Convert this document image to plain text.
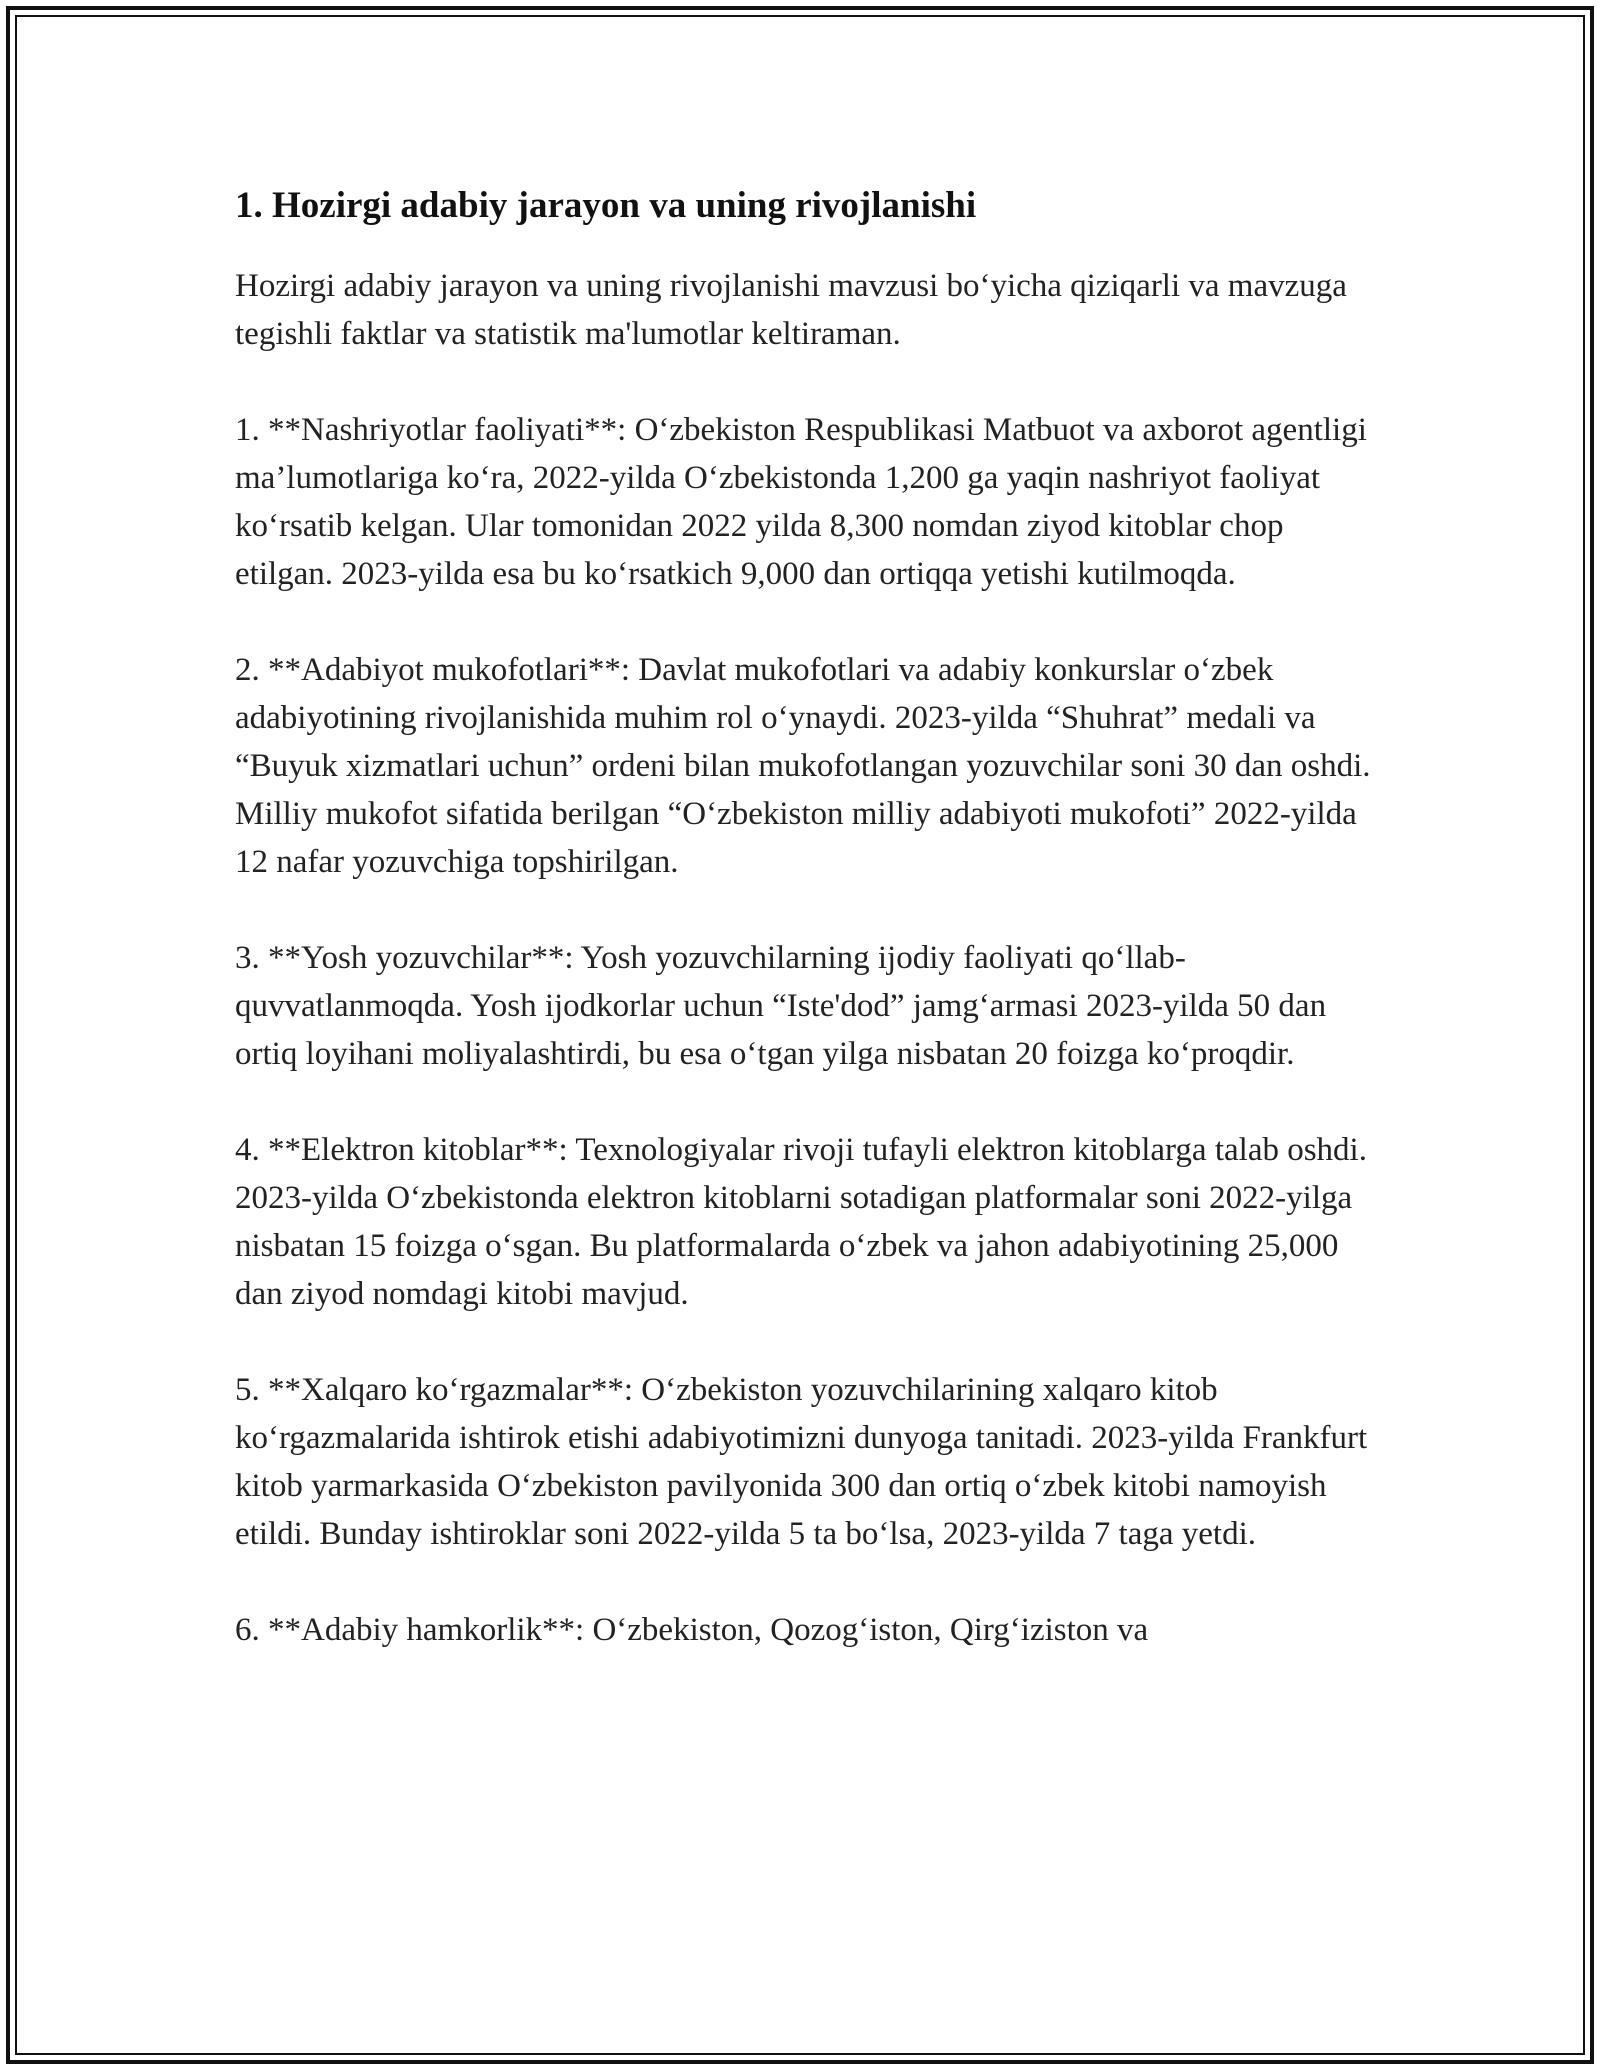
1. Hozirgi adabiy jarayon va uning rivojlanishi

Hozirgi adabiy jarayon va uning rivojlanishi mavzusi bo‘yicha qiziqarli va mavzuga tegishli faktlar va statistik ma'lumotlar keltiraman.

1. **Nashriyotlar faoliyati**: O‘zbekiston Respublikasi Matbuot va axborot agentligi ma’lumotlariga ko‘ra, 2022-yilda O‘zbekistonda 1,200 ga yaqin nashriyot faoliyat ko‘rsatib kelgan. Ular tomonidan 2022 yilda 8,300 nomdan ziyod kitoblar chop etilgan. 2023-yilda esa bu ko‘rsatkich 9,000 dan ortiqqa yetishi kutilmoqda.

2. **Adabiyot mukofotlari**: Davlat mukofotlari va adabiy konkurslar o‘zbek adabiyotining rivojlanishida muhim rol o‘ynaydi. 2023-yilda “Shuhrat” medali va “Buyuk xizmatlari uchun” ordeni bilan mukofotlangan yozuvchilar soni 30 dan oshdi. Milliy mukofot sifatida berilgan “O‘zbekiston milliy adabiyoti mukofoti” 2022-yilda 12 nafar yozuvchiga topshirilgan.

3. **Yosh yozuvchilar**: Yosh yozuvchilarning ijodiy faoliyati qo‘llab-quvvatlanmoqda. Yosh ijodkorlar uchun “Iste'dod” jamg‘armasi 2023-yilda 50 dan ortiq loyihani moliyalashtirdi, bu esa o‘tgan yilga nisbatan 20 foizga ko‘proqdir.

4. **Elektron kitoblar**: Texnologiyalar rivoji tufayli elektron kitoblarga talab oshdi. 2023-yilda O‘zbekistonda elektron kitoblarni sotadigan platformalar soni 2022-yilga nisbatan 15 foizga o‘sgan. Bu platformalarda o‘zbek va jahon adabiyotining 25,000 dan ziyod nomdagi kitobi mavjud.

5. **Xalqaro ko‘rgazmalar**: O‘zbekiston yozuvchilarining xalqaro kitob ko‘rgazmalarida ishtirok etishi adabiyotimizni dunyoga tanitadi. 2023-yilda Frankfurt kitob yarmarkasida O‘zbekiston pavilyonida 300 dan ortiq o‘zbek kitobi namoyish etildi. Bunday ishtiroklar soni 2022-yilda 5 ta bo‘lsa, 2023-yilda 7 taga yetdi.

6. **Adabiy hamkorlik**: O‘zbekiston, Qozog‘iston, Qirg‘iziston va
